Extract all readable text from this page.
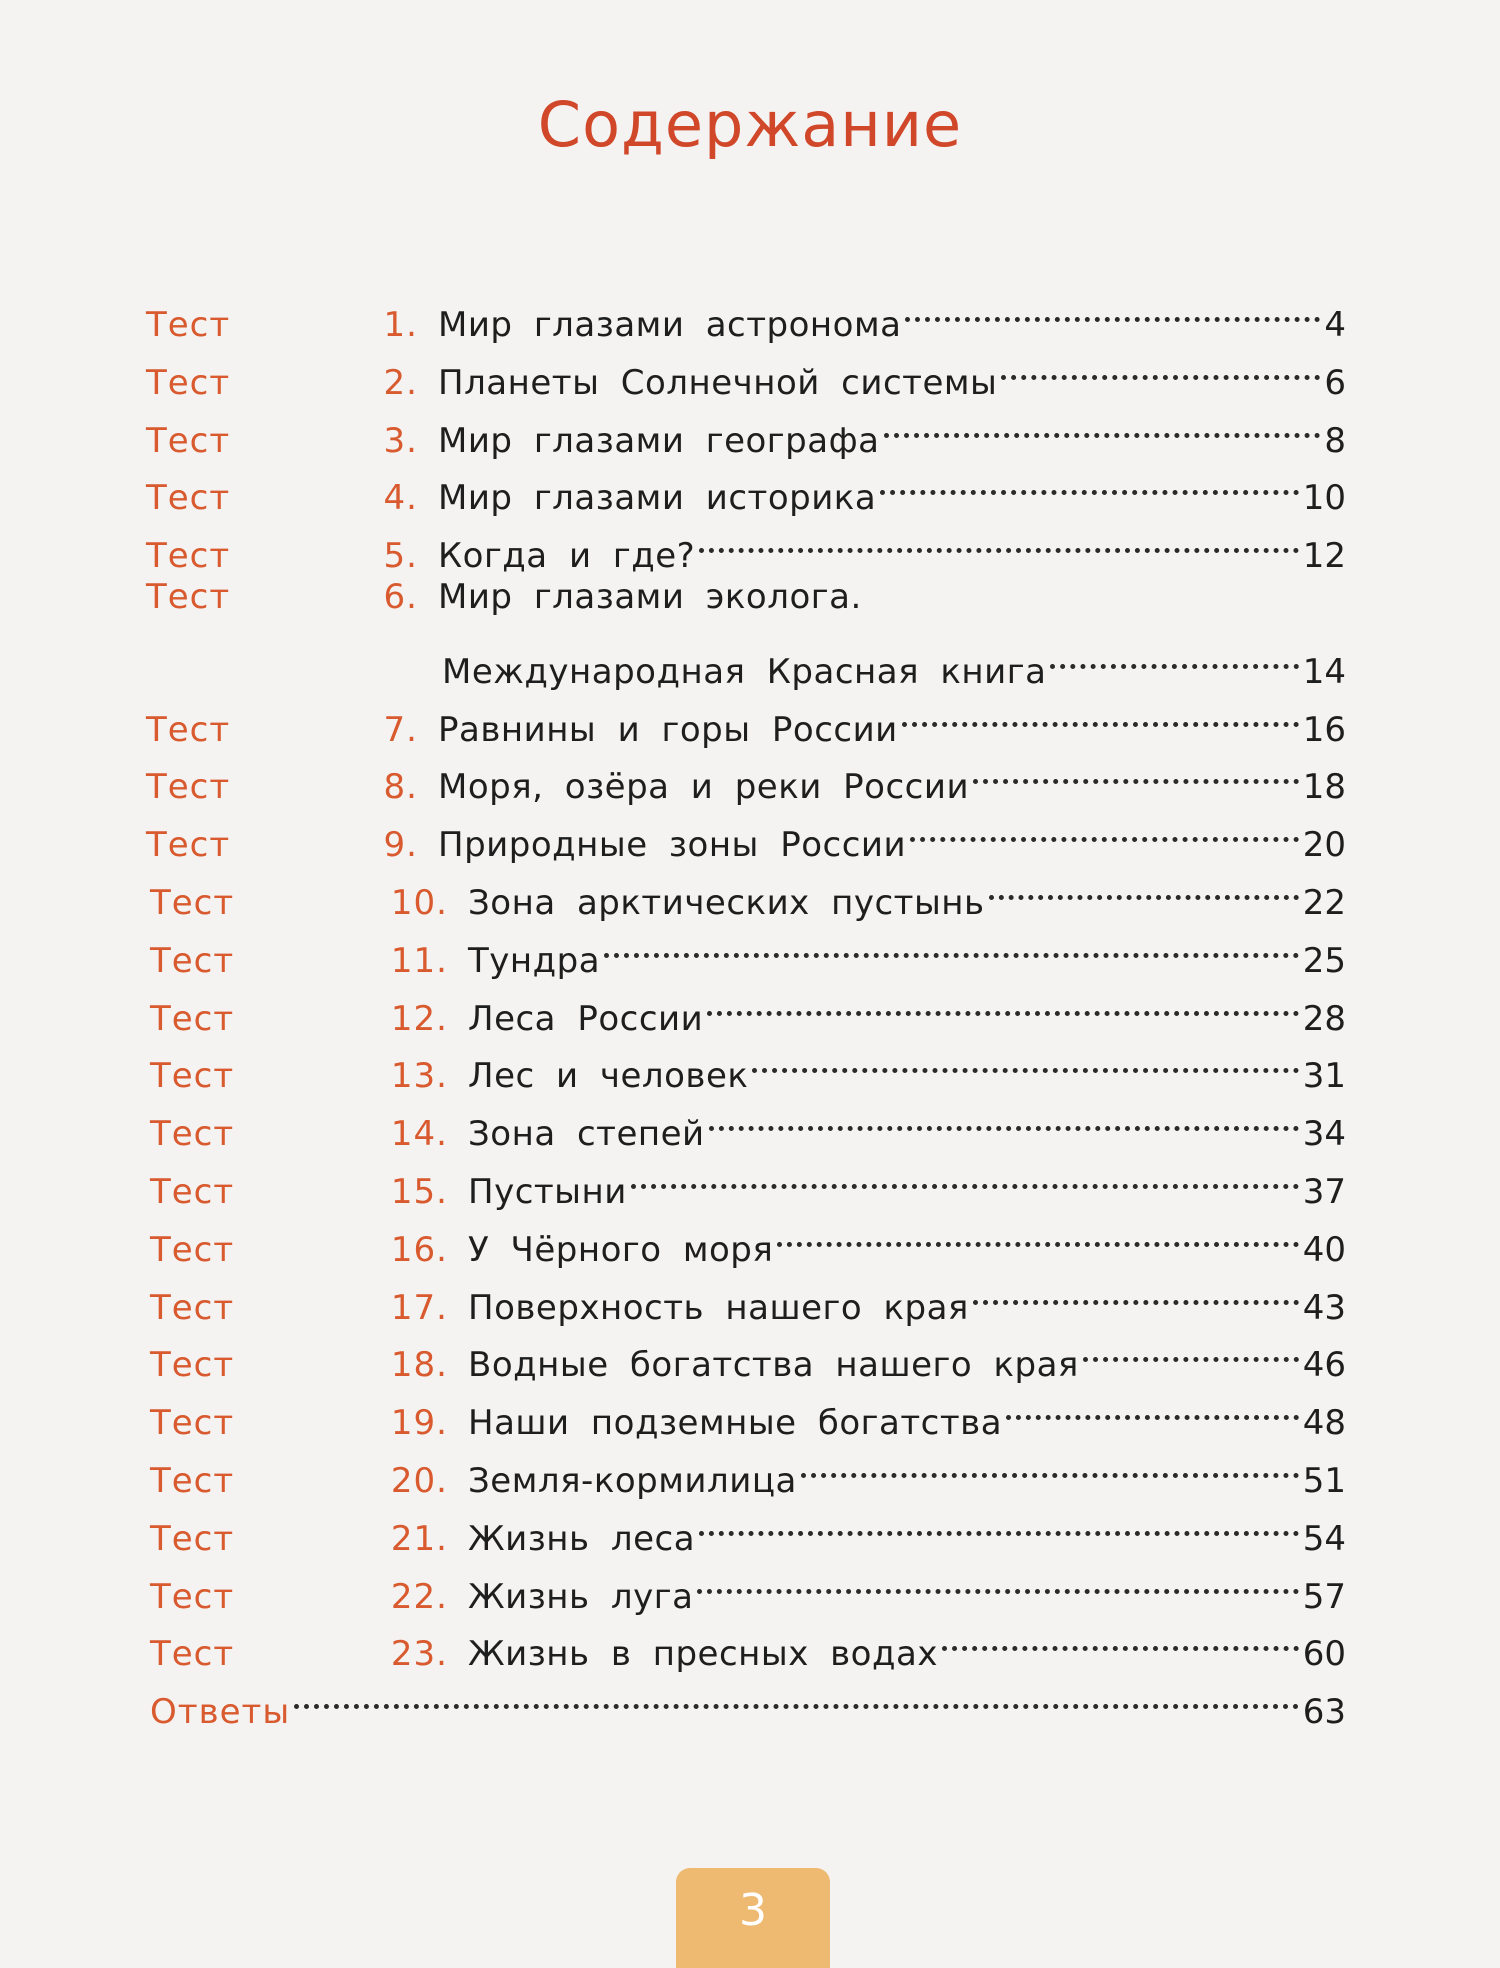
Содержание
Тест	1. Мир глазами астронома	4
Тест	2. Планеты Солнечной системы	6
Тест	3. Мир глазами географа	8
Тест	4. Мир глазами историка	10
Тест	5. Когда и где?	12
Тест	6. Мир глазами эколога.
Международная Красная книга	14
Тест	7. Равнины и горы России	16
Тест	8. Моря, озёра и реки России	18
Тест	9. Природные зоны России	20
Тест	10. Зона арктических пустынь	22
Тест	11. Тундра	25
Тест	12. Леса России	28
Тест	13. Лес и человек	31
Тест	14. Зона степей	34
Тест	15. Пустыни	37
Тест	16. У Чёрного моря	40
Тест	17. Поверхность нашего края	43
Тест	18. Водные богатства нашего края	46
Тест	19. Наши подземные богатства	48
Тест	20. Земля-кормилица	51
Тест	21. Жизнь леса	54
Тест	22. Жизнь луга	57
Тест	23. Жизнь в пресных водах	60
Ответы	63
3
